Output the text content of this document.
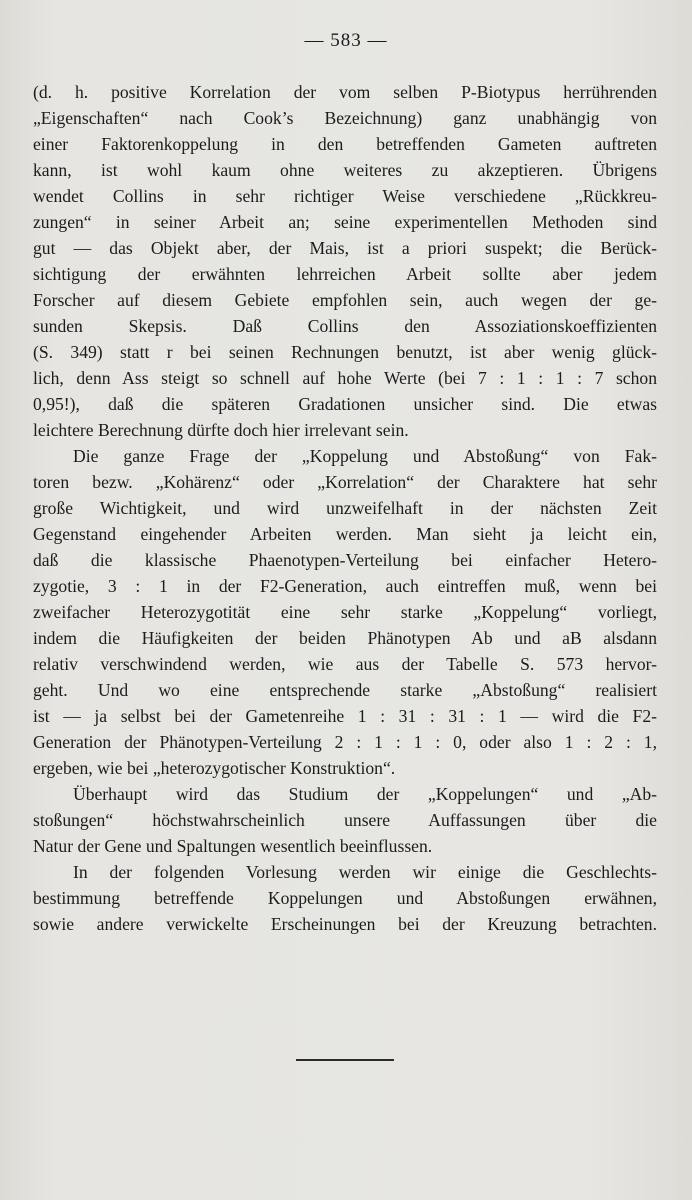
— 583 —
(d. h. positive Korrelation der vom selben P-Biotypus herrührenden
„Eigenschaften“ nach Cook’s Bezeichnung) ganz unabhängig von
einer Faktorenkoppelung in den betreffenden Gameten auftreten
kann, ist wohl kaum ohne weiteres zu akzeptieren. Übrigens
wendet Collins in sehr richtiger Weise verschiedene „Rückkreu-
zungen“ in seiner Arbeit an; seine experimentellen Methoden sind
gut — das Objekt aber, der Mais, ist a priori suspekt; die Berück-
sichtigung der erwähnten lehrreichen Arbeit sollte aber jedem
Forscher auf diesem Gebiete empfohlen sein, auch wegen der ge-
sunden Skepsis. Daß Collins den Assoziationskoeffizienten
(S. 349) statt r bei seinen Rechnungen benutzt, ist aber wenig glück-
lich, denn Ass steigt so schnell auf hohe Werte (bei 7 : 1 : 1 : 7 schon
0,95!), daß die späteren Gradationen unsicher sind. Die etwas
leichtere Berechnung dürfte doch hier irrelevant sein.
Die ganze Frage der „Koppelung und Abstoßung“ von Fak-
toren bezw. „Kohärenz“ oder „Korrelation“ der Charaktere hat sehr
große Wichtigkeit, und wird unzweifelhaft in der nächsten Zeit
Gegenstand eingehender Arbeiten werden. Man sieht ja leicht ein,
daß die klassische Phaenotypen-Verteilung bei einfacher Hetero-
zygotie, 3 : 1 in der F2-Generation, auch eintreffen muß, wenn bei
zweifacher Heterozygotität eine sehr starke „Koppelung“ vorliegt,
indem die Häufigkeiten der beiden Phänotypen Ab und aB alsdann
relativ verschwindend werden, wie aus der Tabelle S. 573 hervor-
geht. Und wo eine entsprechende starke „Abstoßung“ realisiert
ist — ja selbst bei der Gametenreihe 1 : 31 : 31 : 1 — wird die F2-
Generation der Phänotypen-Verteilung 2 : 1 : 1 : 0, oder also 1 : 2 : 1,
ergeben, wie bei „heterozygotischer Konstruktion“.
Überhaupt wird das Studium der „Koppelungen“ und „Ab-
stoßungen“ höchstwahrscheinlich unsere Auffassungen über die
Natur der Gene und Spaltungen wesentlich beeinflussen.
In der folgenden Vorlesung werden wir einige die Geschlechts-
bestimmung betreffende Koppelungen und Abstoßungen erwähnen,
sowie andere verwickelte Erscheinungen bei der Kreuzung betrachten.
